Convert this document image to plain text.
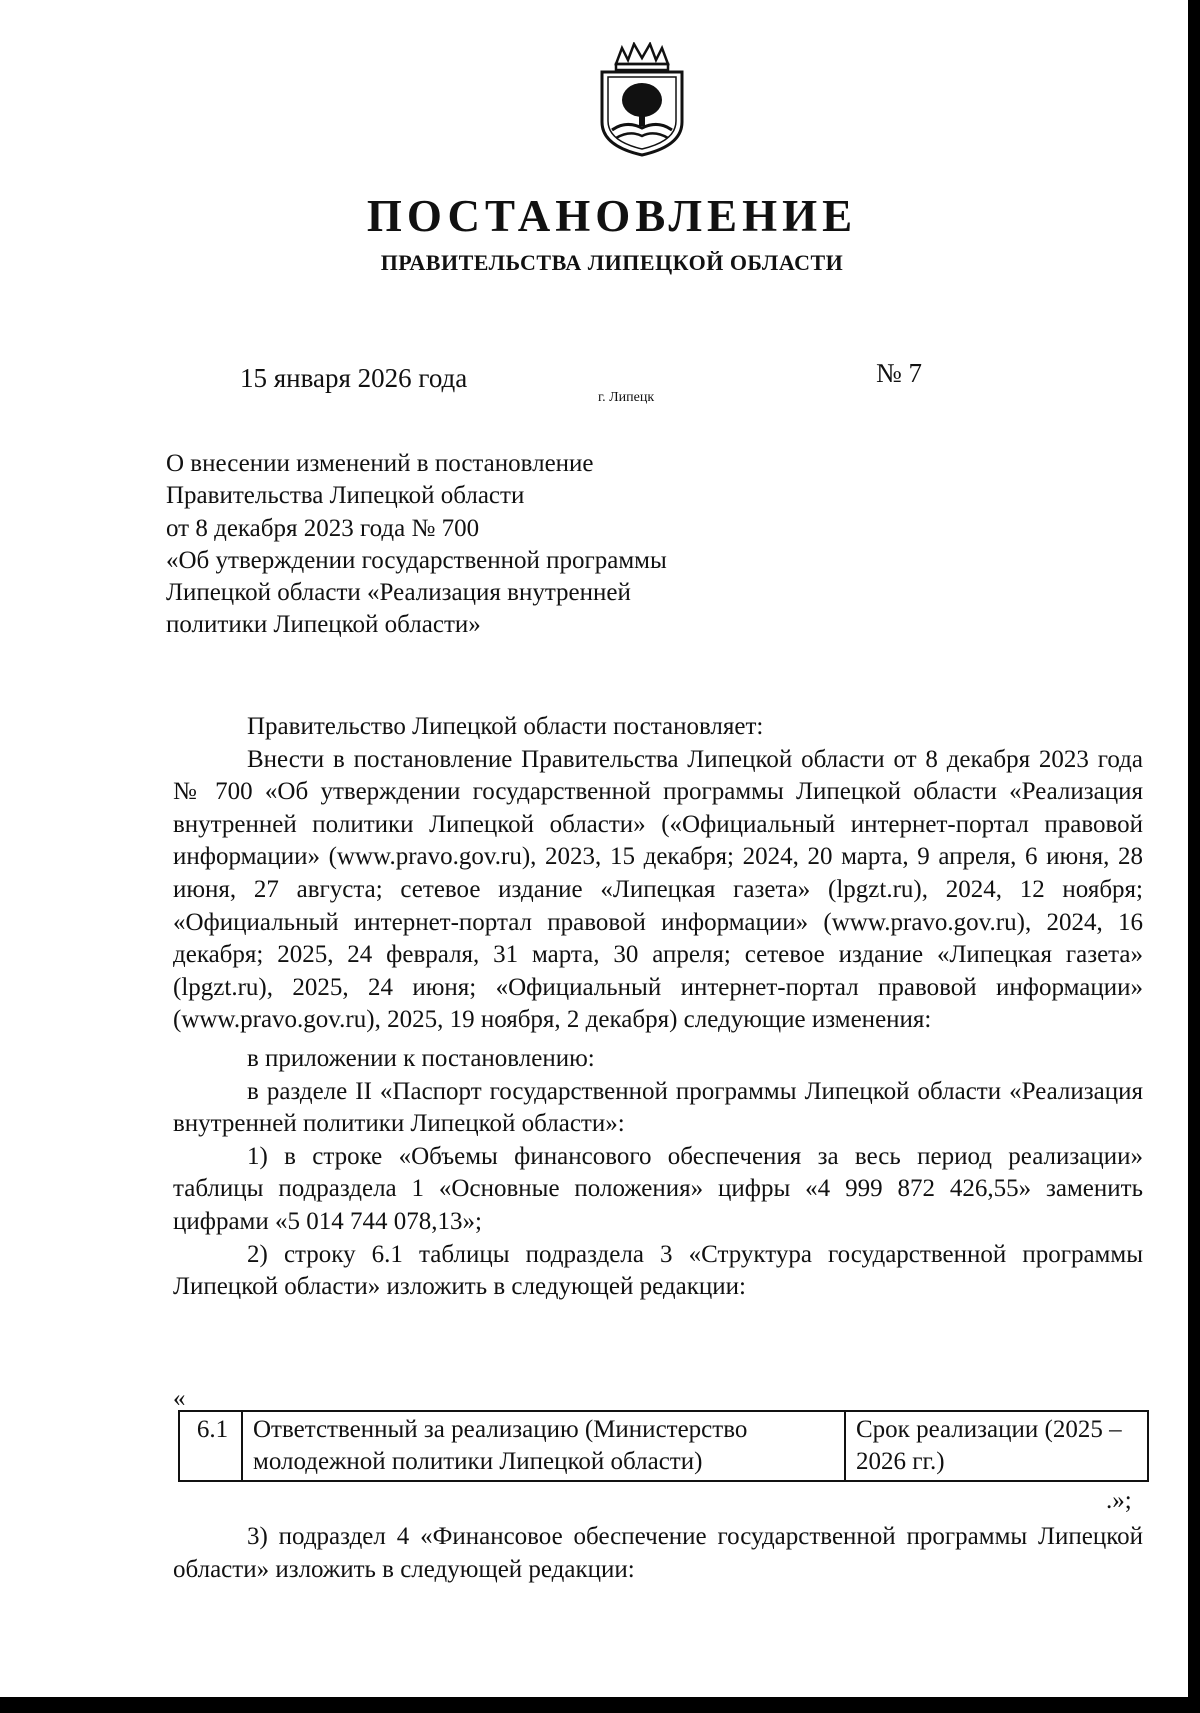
ПОСТАНОВЛЕНИЕ
ПРАВИТЕЛЬСТВА ЛИПЕЦКОЙ ОБЛАСТИ
15 января 2026 года
г. Липецк
№ 7
О внесении изменений в постановление
Правительства Липецкой области
от 8 декабря 2023 года № 700
«Об утверждении государственной программы
Липецкой области «Реализация внутренней
политики Липецкой области»

Правительство Липецкой области постановляет:

Внести в постановление Правительства Липецкой области от 8 декабря 2023 года № 700 «Об утверждении государственной программы Липецкой области «Реализация внутренней политики Липецкой области» («Официальный интернет-портал правовой информации» (www.pravo.gov.ru), 2023, 15 декабря; 2024, 20 марта, 9 апреля, 6 июня, 28 июня, 27 августа; сетевое издание «Липецкая газета» (lpgzt.ru), 2024, 12 ноября; «Официальный интернет-портал правовой информации» (www.pravo.gov.ru), 2024, 16 декабря; 2025, 24 февраля, 31 марта, 30 апреля; сетевое издание «Липецкая газета» (lpgzt.ru), 2025, 24 июня; «Официальный интернет-портал правовой информации» (www.pravo.gov.ru), 2025, 19 ноября, 2 декабря) следующие изменения:

в приложении к постановлению:

в разделе II «Паспорт государственной программы Липецкой области «Реализация внутренней политики Липецкой области»:

1) в строке «Объемы финансового обеспечения за весь период реализации» таблицы подраздела 1 «Основные положения» цифры «4 999 872 426,55» заменить цифрами «5 014 744 078,13»;

2) строку 6.1 таблицы подраздела 3 «Структура государственной программы Липецкой области» изложить в следующей редакции:

«
6.1	Ответственный за реализацию (Министерство молодежной политики Липецкой области)	Срок реализации (2025 – 2026 гг.)
.»;

3) подраздел 4 «Финансовое обеспечение государственной программы Липецкой области» изложить в следующей редакции:
